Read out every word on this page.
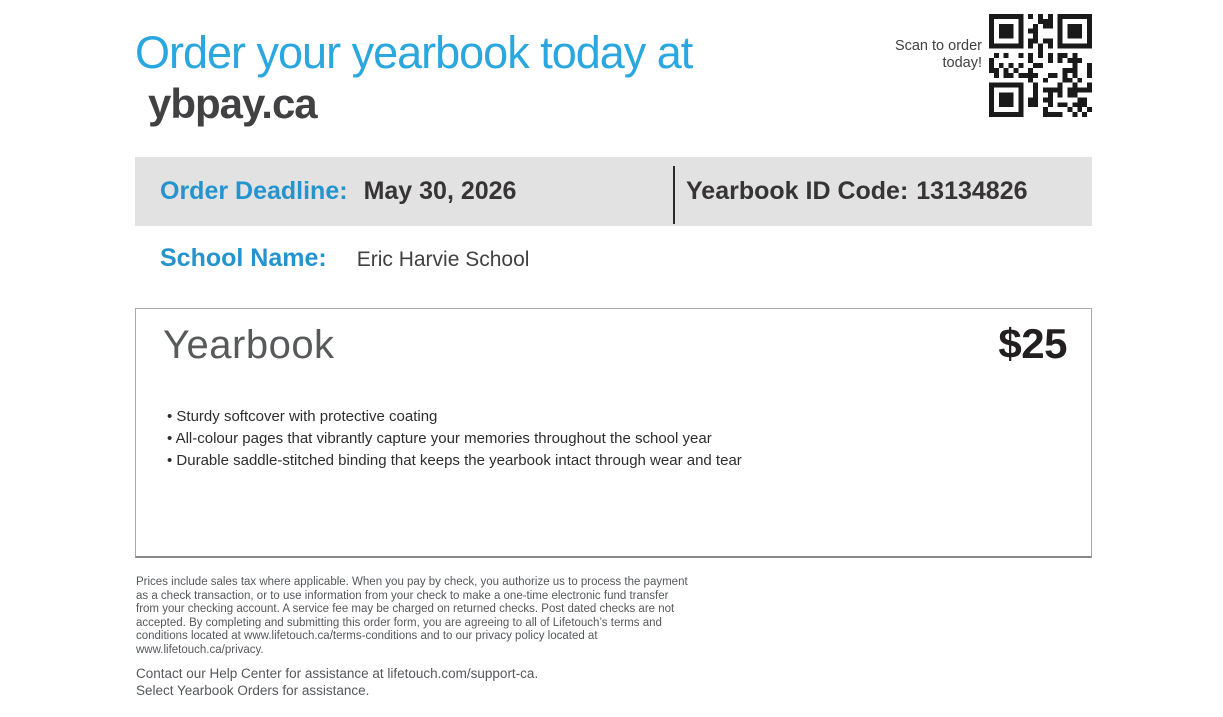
Order your yearbook today at
ybpay.ca
Scan to order
today!
Order Deadline: May 30, 2026	Yearbook ID Code: 13134826
School Name: Eric Harvie School
Yearbook	$25
• Sturdy softcover with protective coating
• All-colour pages that vibrantly capture your memories throughout the school year
• Durable saddle-stitched binding that keeps the yearbook intact through wear and tear
Prices include sales tax where applicable. When you pay by check, you authorize us to process the payment as a check transaction, or to use information from your check to make a one-time electronic fund transfer from your checking account. A service fee may be charged on returned checks. Post dated checks are not accepted. By completing and submitting this order form, you are agreeing to all of Lifetouch’s terms and conditions located at www.lifetouch.ca/terms-conditions and to our privacy policy located at www.lifetouch.ca/privacy.
Contact our Help Center for assistance at lifetouch.com/support-ca.
Select Yearbook Orders for assistance.
